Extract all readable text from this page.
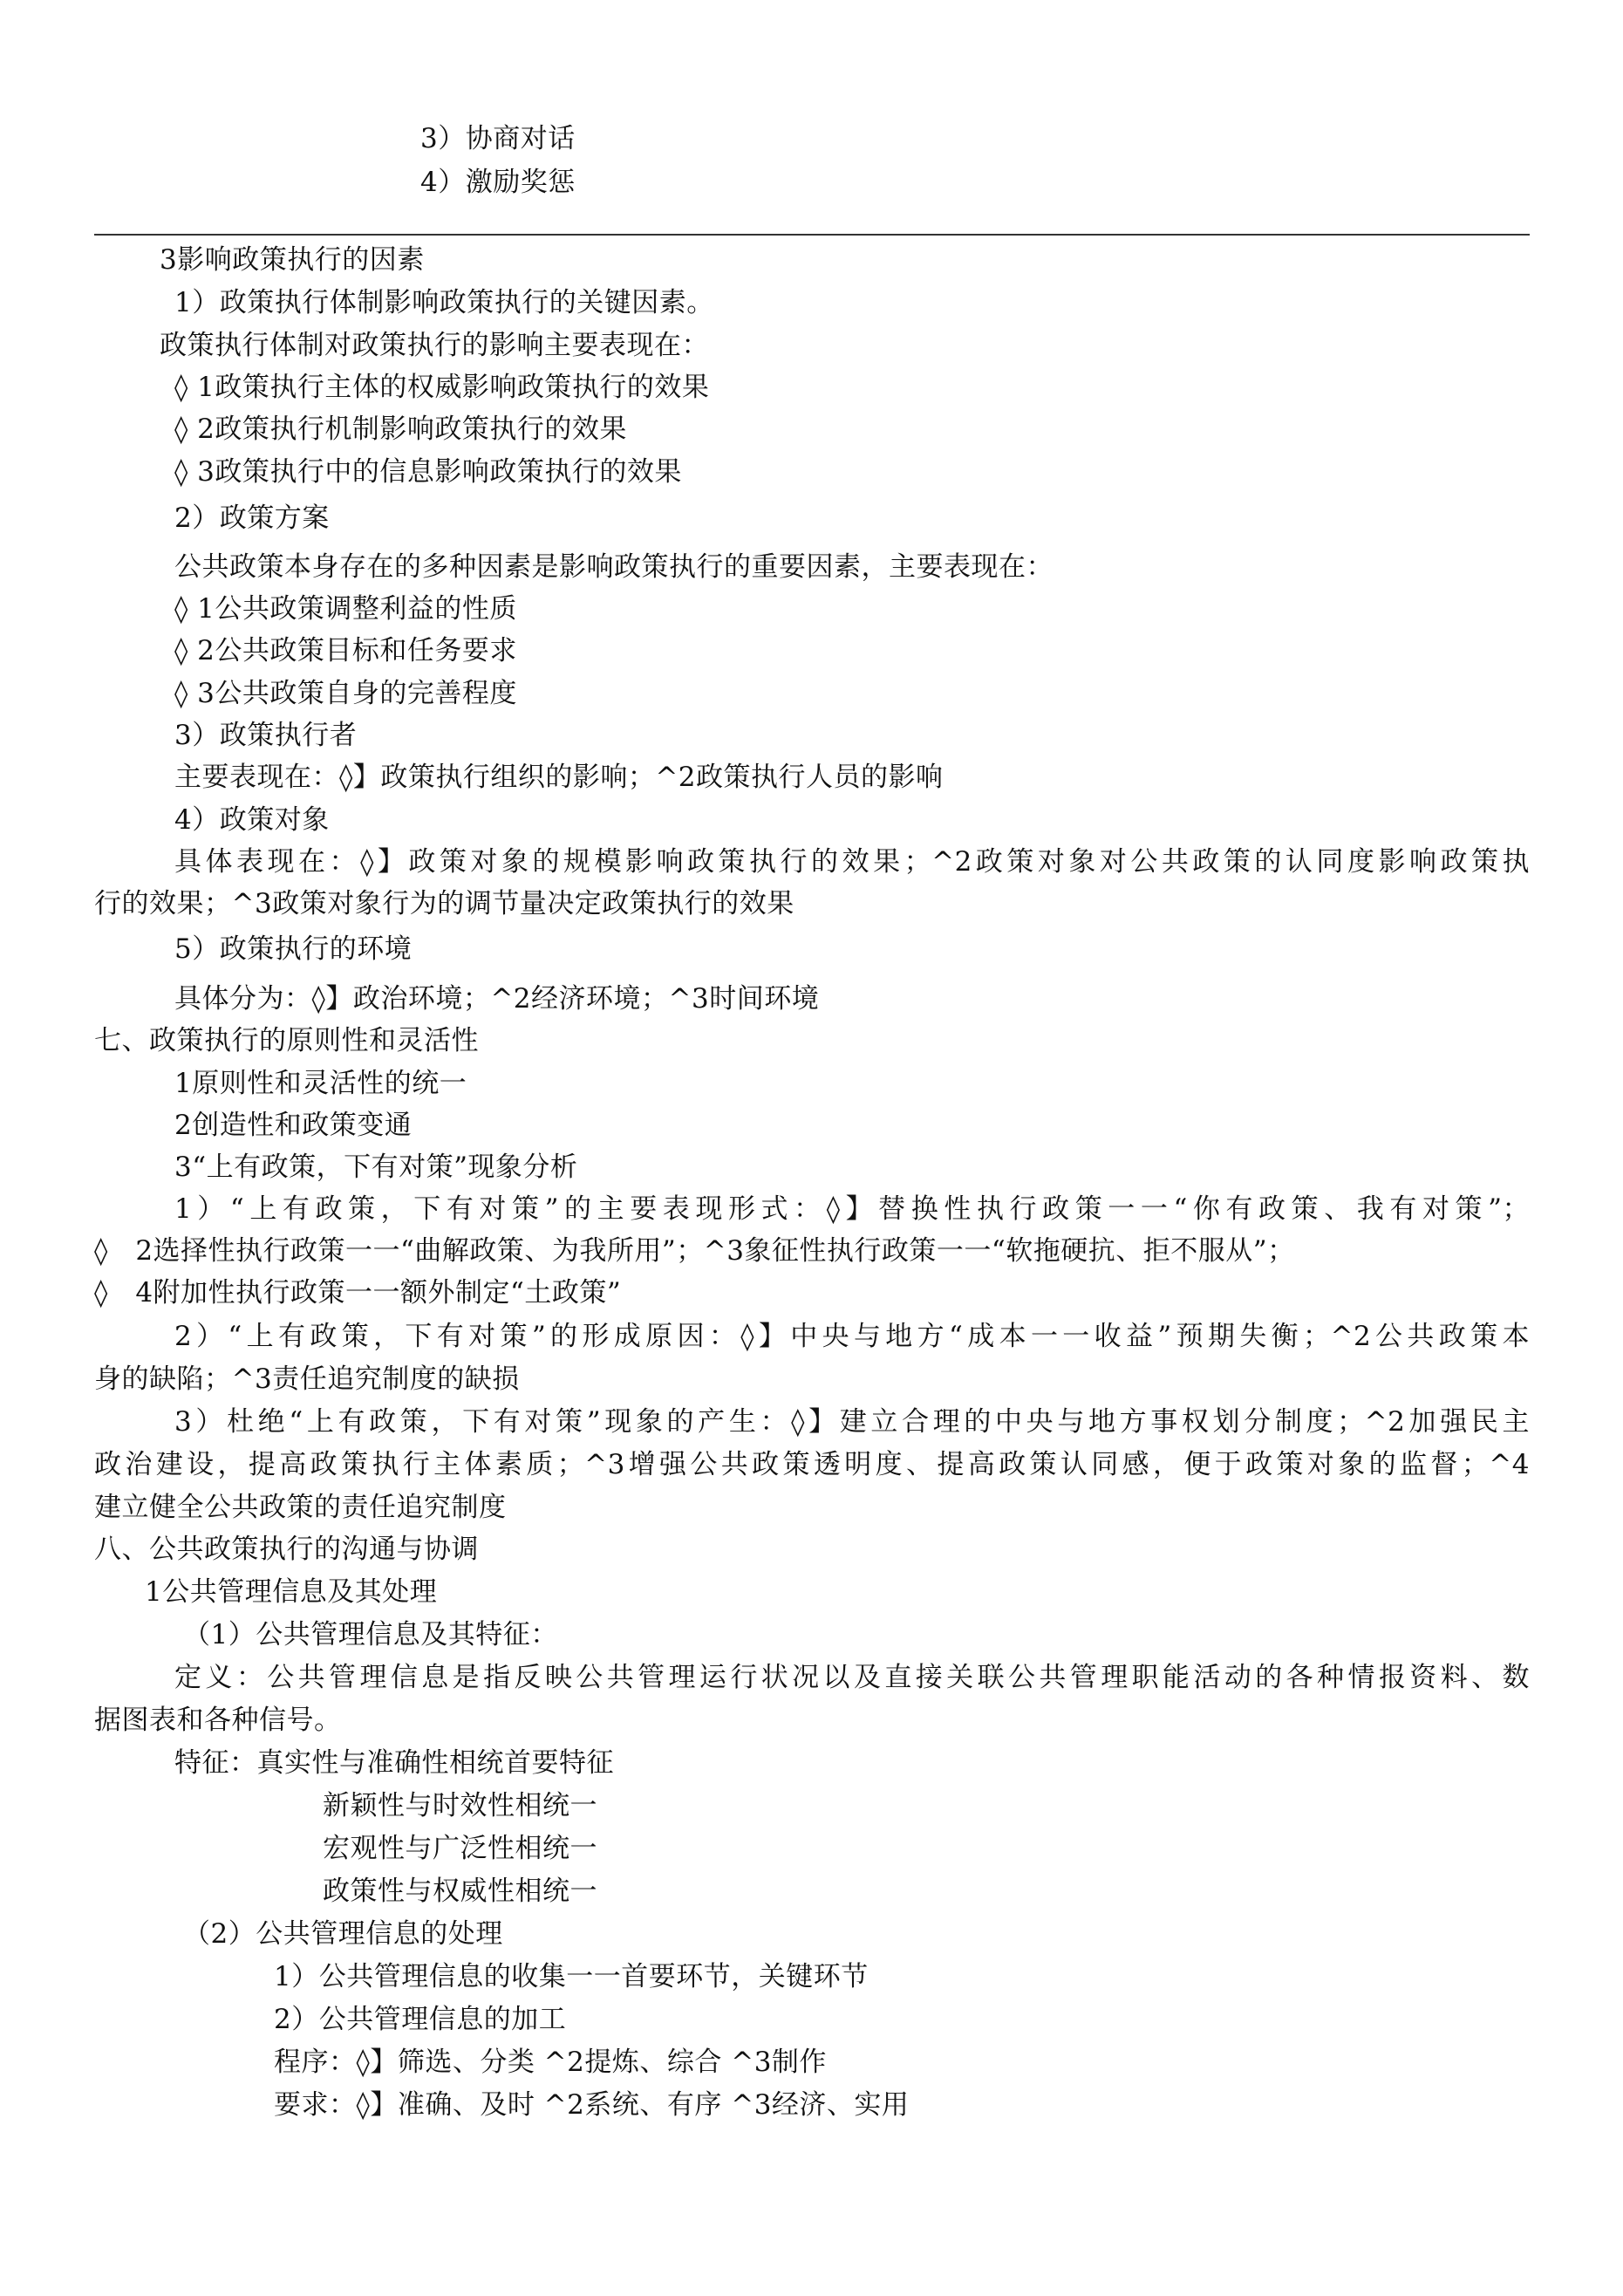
3）协商对话
4）激励奖惩
3影响政策执行的因素
1）政策执行体制影响政策执行的关键因素。
政策执行体制对政策执行的影响主要表现在：
◊ 1政策执行主体的权威影响政策执行的效果
◊ 2政策执行机制影响政策执行的效果
◊ 3政策执行中的信息影响政策执行的效果
2）政策方案
公共政策本身存在的多种因素是影响政策执行的重要因素，主要表现在：
◊ 1公共政策调整利益的性质
◊ 2公共政策目标和任务要求
◊ 3公共政策自身的完善程度
3）政策执行者
主要表现在：◊】政策执行组织的影响；^2政策执行人员的影响
4）政策对象
具体表现在：◊】政策对象的规模影响政策执行的效果；^2政策对象对公共政策的认同度影响政策执
行的效果；^3政策对象行为的调节量决定政策执行的效果
5）政策执行的环境
具体分为：◊】政治环境；^2经济环境；^3时间环境
七、政策执行的原则性和灵活性
1原则性和灵活性的统一
2创造性和政策变通
3“上有政策，下有对策”现象分析
1）“上有政策，下有对策”的主要表现形式：◊】替换性执行政策一一“你有政策、我有对策”；
◊　2选择性执行政策一一“曲解政策、为我所用”；^3象征性执行政策一一“软拖硬抗、拒不服从”；
◊　4附加性执行政策一一额外制定“土政策”
2）“上有政策，下有对策”的形成原因：◊】中央与地方“成本一一收益”预期失衡；^2公共政策本
身的缺陷；^3责任追究制度的缺损
3）杜绝“上有政策，下有对策”现象的产生：◊】建立合理的中央与地方事权划分制度；^2加强民主
政治建设，提高政策执行主体素质；^3增强公共政策透明度、提高政策认同感，便于政策对象的监督；^4
建立健全公共政策的责任追究制度
八、公共政策执行的沟通与协调
1公共管理信息及其处理
（1）公共管理信息及其特征：
定义：公共管理信息是指反映公共管理运行状况以及直接关联公共管理职能活动的各种情报资料、数
据图表和各种信号。
特征：真实性与准确性相统首要特征
新颖性与时效性相统一
宏观性与广泛性相统一
政策性与权威性相统一
（2）公共管理信息的处理
1）公共管理信息的收集一一首要环节，关键环节
2）公共管理信息的加工
程序：◊】筛选、分类 ^2提炼、综合 ^3制作
要求：◊】准确、及时 ^2系统、有序 ^3经济、实用
